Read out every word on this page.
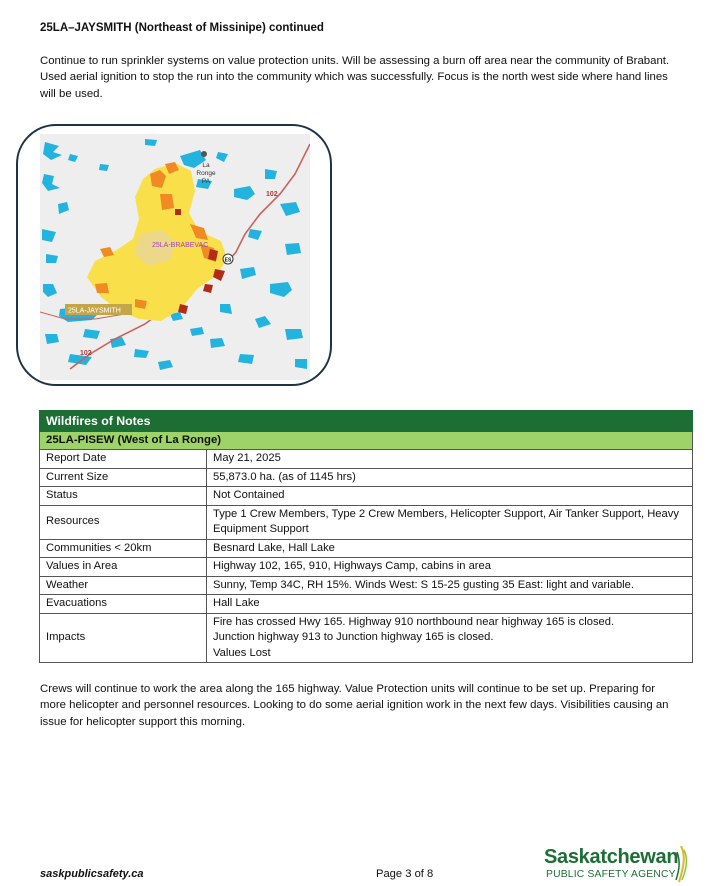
25LA–JAYSMITH (Northeast of Missinipe) continued
Continue to run sprinkler systems on value protection units. Will be assessing a burn off area near the community of Brabant. Used aerial ignition to stop the run into the community which was successfully. Focus is the north west side where hand lines will be used.
La
Ronge
PA
102
102
25LA-BRABEVAC
25LA-JAYSMITH
ES
Wildfires of Notes	
25LA-PISEW (West of La Ronge)	
Report Date	May 21, 2025
Current Size	55,873.0 ha. (as of 1145 hrs)
Status	Not Contained
Resources	Type 1 Crew Members, Type 2 Crew Members, Helicopter Support, Air Tanker Support, Heavy Equipment Support
Communities < 20km	Besnard Lake, Hall Lake
Values in Area	Highway 102, 165, 910, Highways Camp, cabins in area
Weather	Sunny, Temp 34C, RH 15%. Winds West: S 15-25 gusting 35 East: light and variable.
Evacuations	Hall Lake
Impacts	Fire has crossed Hwy 165. Highway 910 northbound near highway 165 is closed.
Junction highway 913 to Junction highway 165 is closed.
Values Lost
Crews will continue to work the area along the 165 highway. Value Protection units will continue to be set up. Preparing for more helicopter and personnel resources. Looking to do some aerial ignition work in the next few days. Visibilities causing an issue for helicopter support this morning.
saskpublicsafety.ca	Page 3 of 8
Saskatchewan
PUBLIC SAFETY AGENCY
